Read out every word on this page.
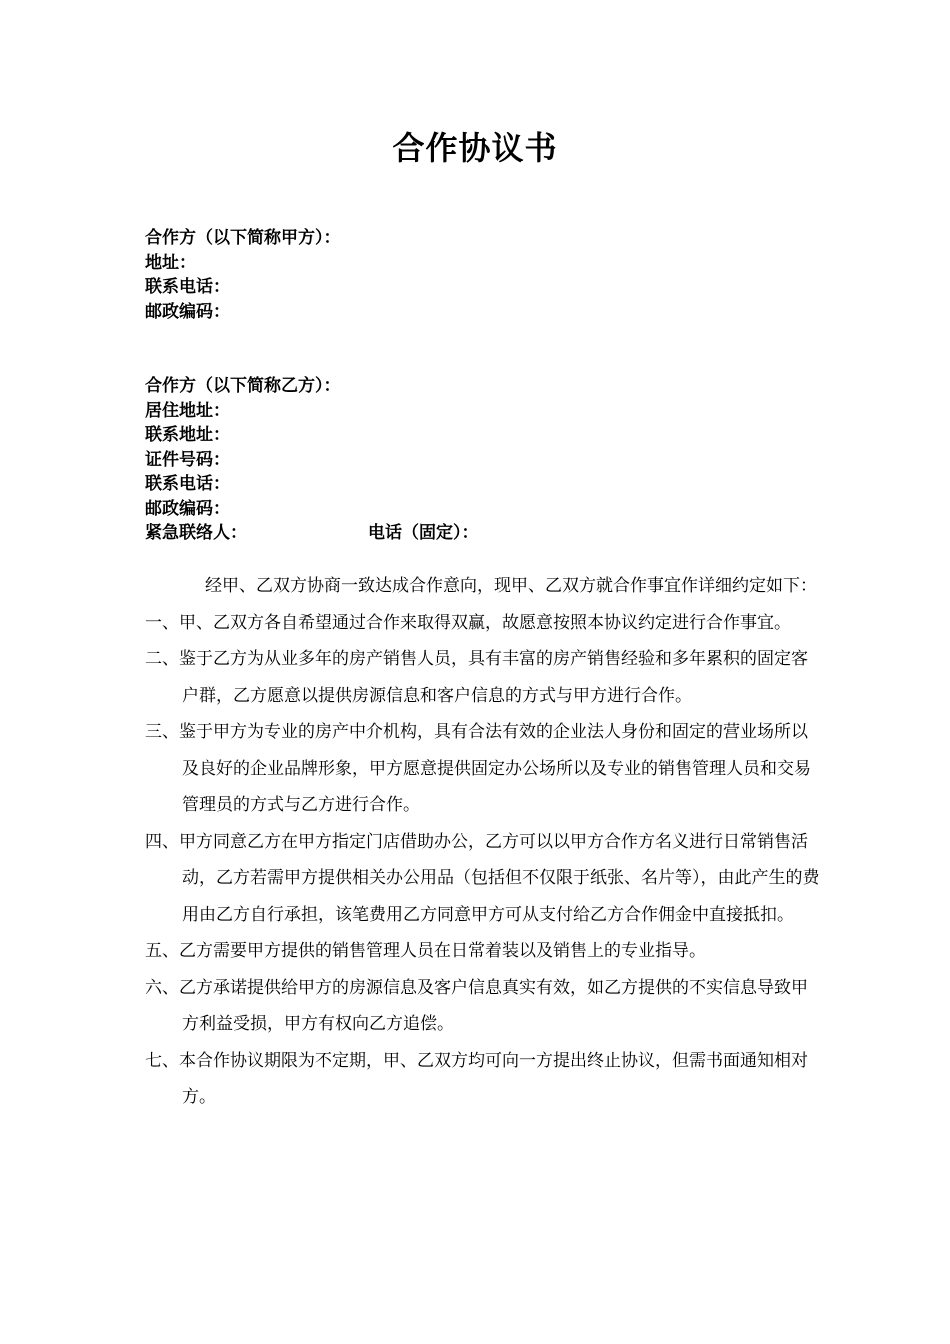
合作协议书

合作方（以下简称甲方）：

地址：

联系电话：

邮政编码：

合作方（以下简称乙方）：

居住地址：

联系地址：

证件号码：

联系电话：

邮政编码：

紧急联络人：	电话（固定）：

经甲、乙双方协商一致达成合作意向，现甲、乙双方就合作事宜作详细约定如下：

一、甲、乙双方各自希望通过合作来取得双赢，故愿意按照本协议约定进行合作事宜。

二、鉴于乙方为从业多年的房产销售人员，具有丰富的房产销售经验和多年累积的固定客户群，乙方愿意以提供房源信息和客户信息的方式与甲方进行合作。

三、鉴于甲方为专业的房产中介机构，具有合法有效的企业法人身份和固定的营业场所以及良好的企业品牌形象，甲方愿意提供固定办公场所以及专业的销售管理人员和交易管理员的方式与乙方进行合作。

四、甲方同意乙方在甲方指定门店借助办公，乙方可以以甲方合作方名义进行日常销售活动，乙方若需甲方提供相关办公用品（包括但不仅限于纸张、名片等），由此产生的费用由乙方自行承担，该笔费用乙方同意甲方可从支付给乙方合作佣金中直接抵扣。

五、乙方需要甲方提供的销售管理人员在日常着装以及销售上的专业指导。

六、乙方承诺提供给甲方的房源信息及客户信息真实有效，如乙方提供的不实信息导致甲方利益受损，甲方有权向乙方追偿。

七、本合作协议期限为不定期，甲、乙双方均可向一方提出终止协议，但需书面通知相对方。
